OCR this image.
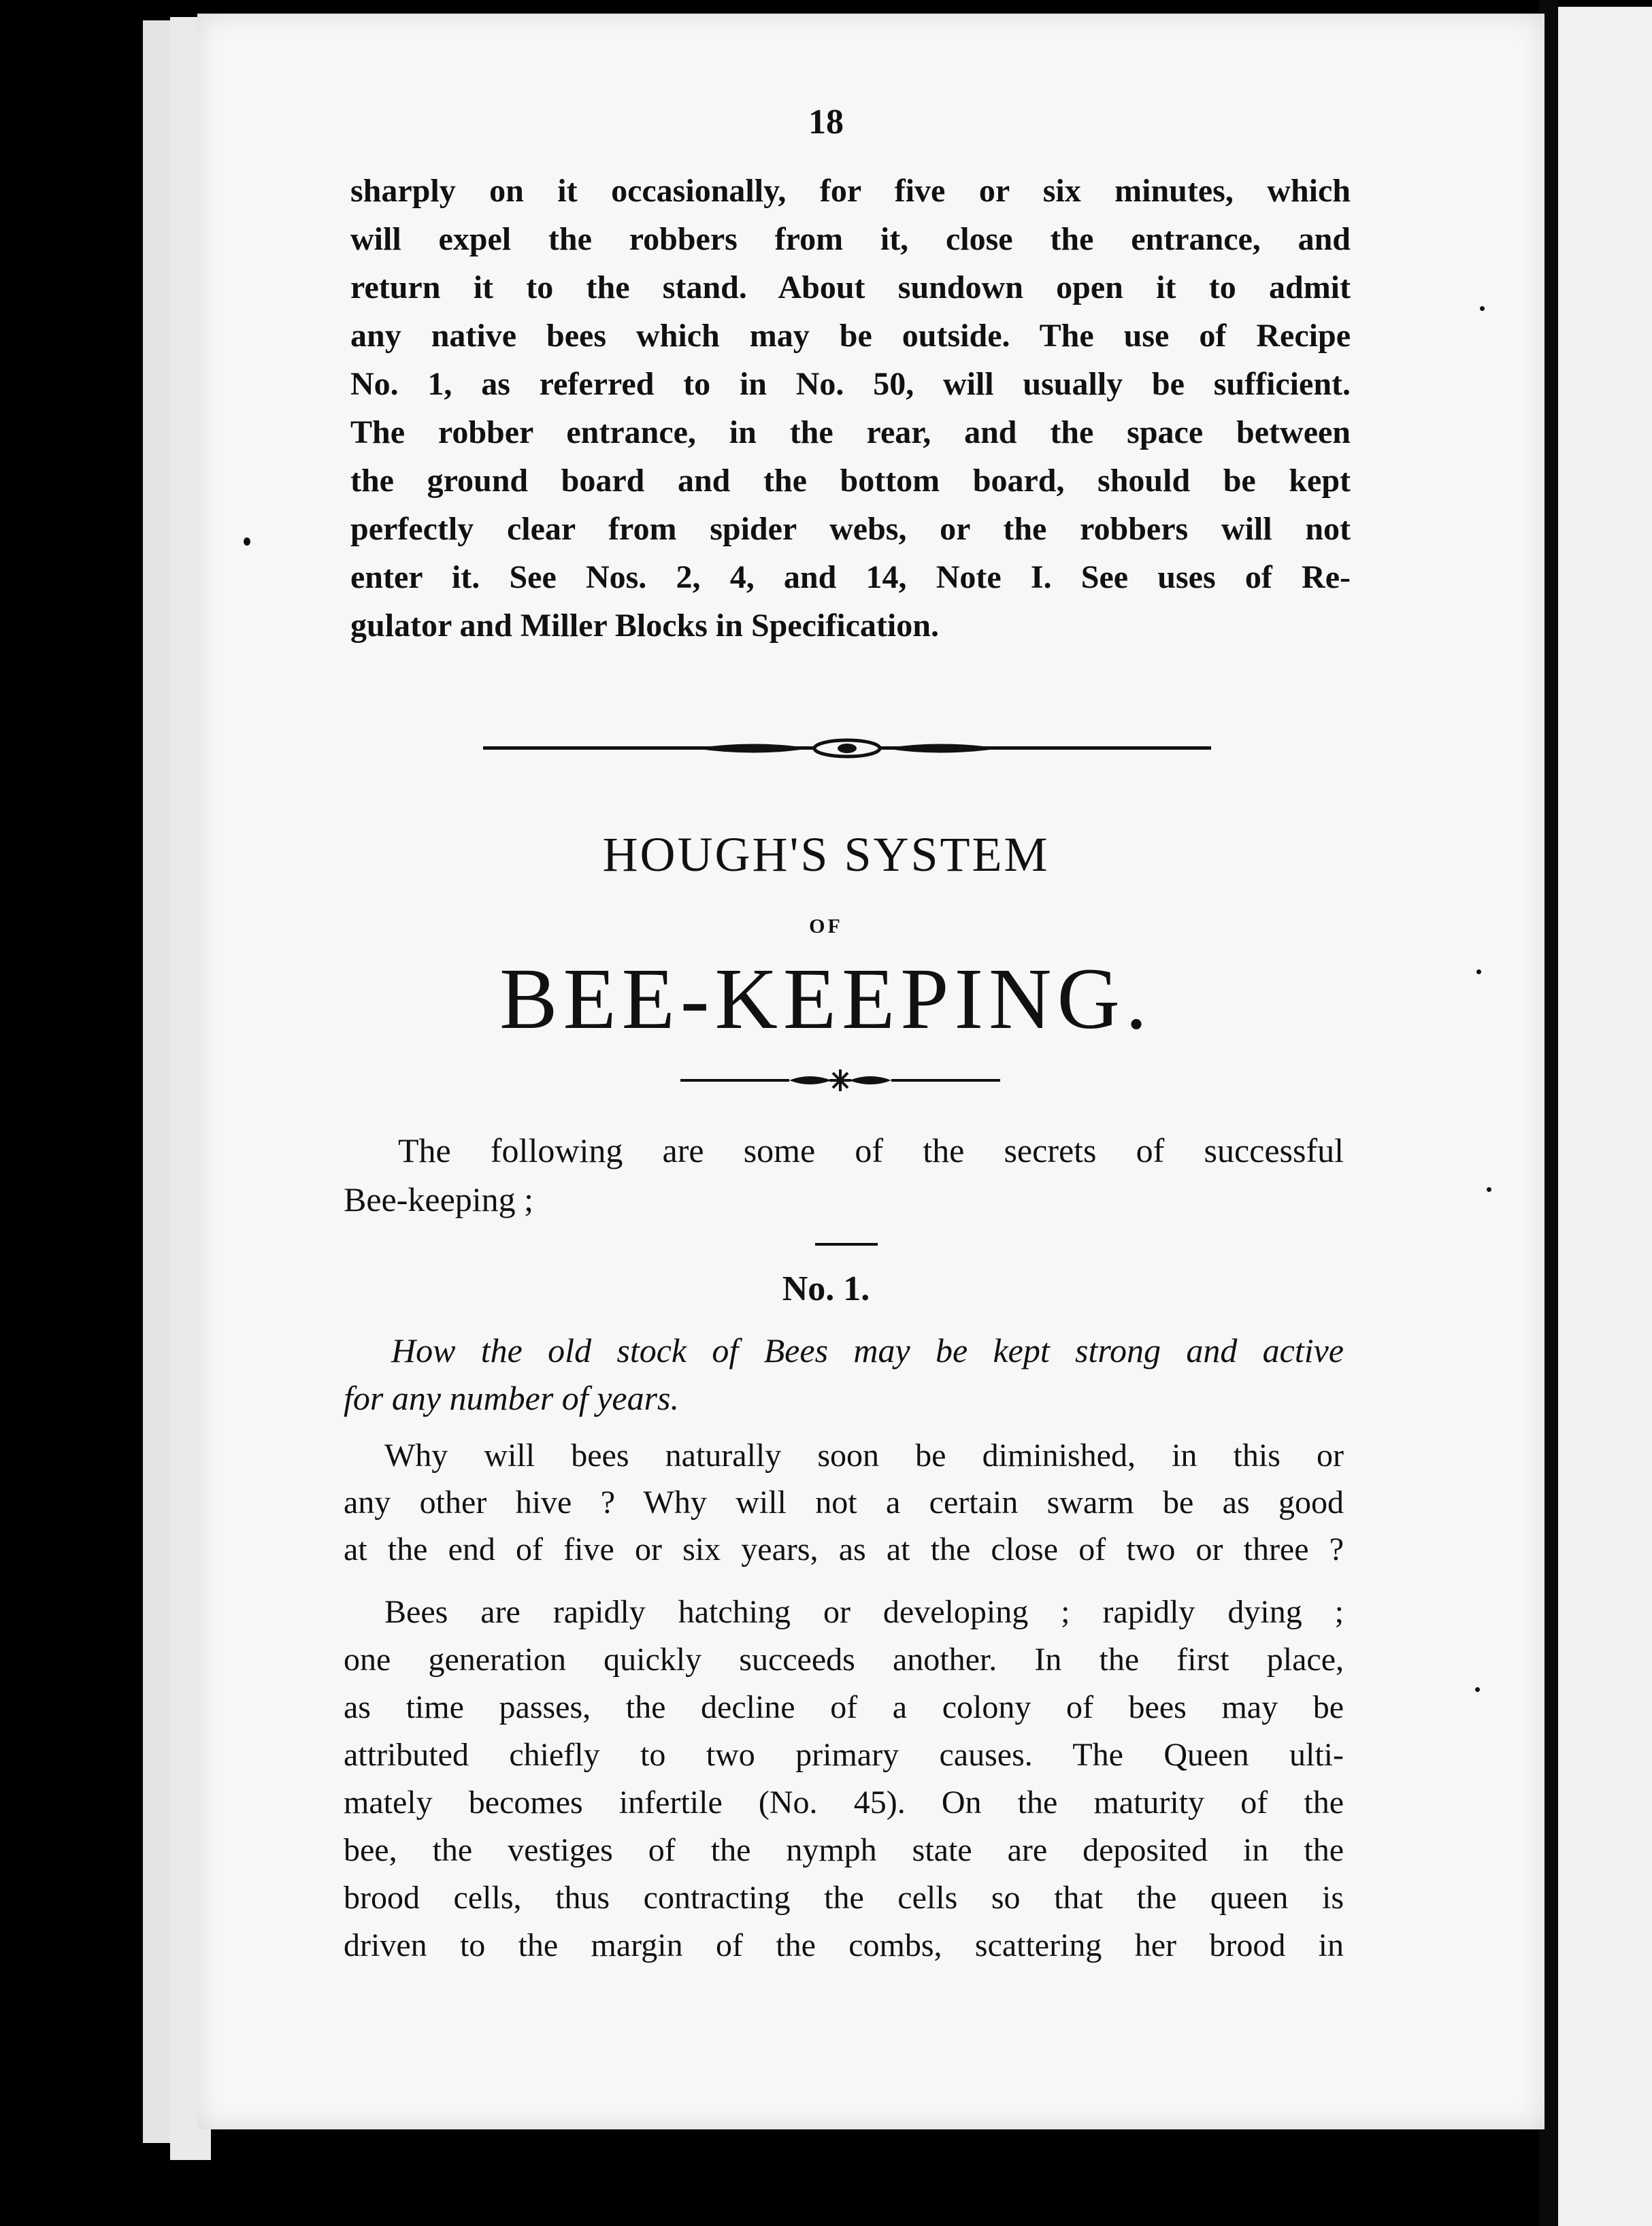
18
sharply on it occasionally, for five or six minutes, which
will expel the robbers from it, close the entrance, and
return it to the stand. About sundown open it to admit
any native bees which may be outside. The use of Recipe
No. 1, as referred to in No. 50, will usually be sufficient.
The robber entrance, in the rear, and the space between
the ground board and the bottom board, should be kept
perfectly clear from spider webs, or the robbers will not
enter it. See Nos. 2, 4, and 14, Note I. See uses of Re-
gulator and Miller Blocks in Specification.
HOUGH'S SYSTEM
OF
BEE-KEEPING.
The following are some of the secrets of successful
Bee-keeping ;
No. 1.
How the old stock of Bees may be kept strong and active
for any number of years.
Why will bees naturally soon be diminished, in this or
any other hive ? Why will not a certain swarm be as good
at the end of five or six years, as at the close of two or three ?
Bees are rapidly hatching or developing ; rapidly dying ;
one generation quickly succeeds another. In the first place,
as time passes, the decline of a colony of bees may be
attributed chiefly to two primary causes. The Queen ulti-
mately becomes infertile (No. 45). On the maturity of the
bee, the vestiges of the nymph state are deposited in the
brood cells, thus contracting the cells so that the queen is
driven to the margin of the combs, scattering her brood in
